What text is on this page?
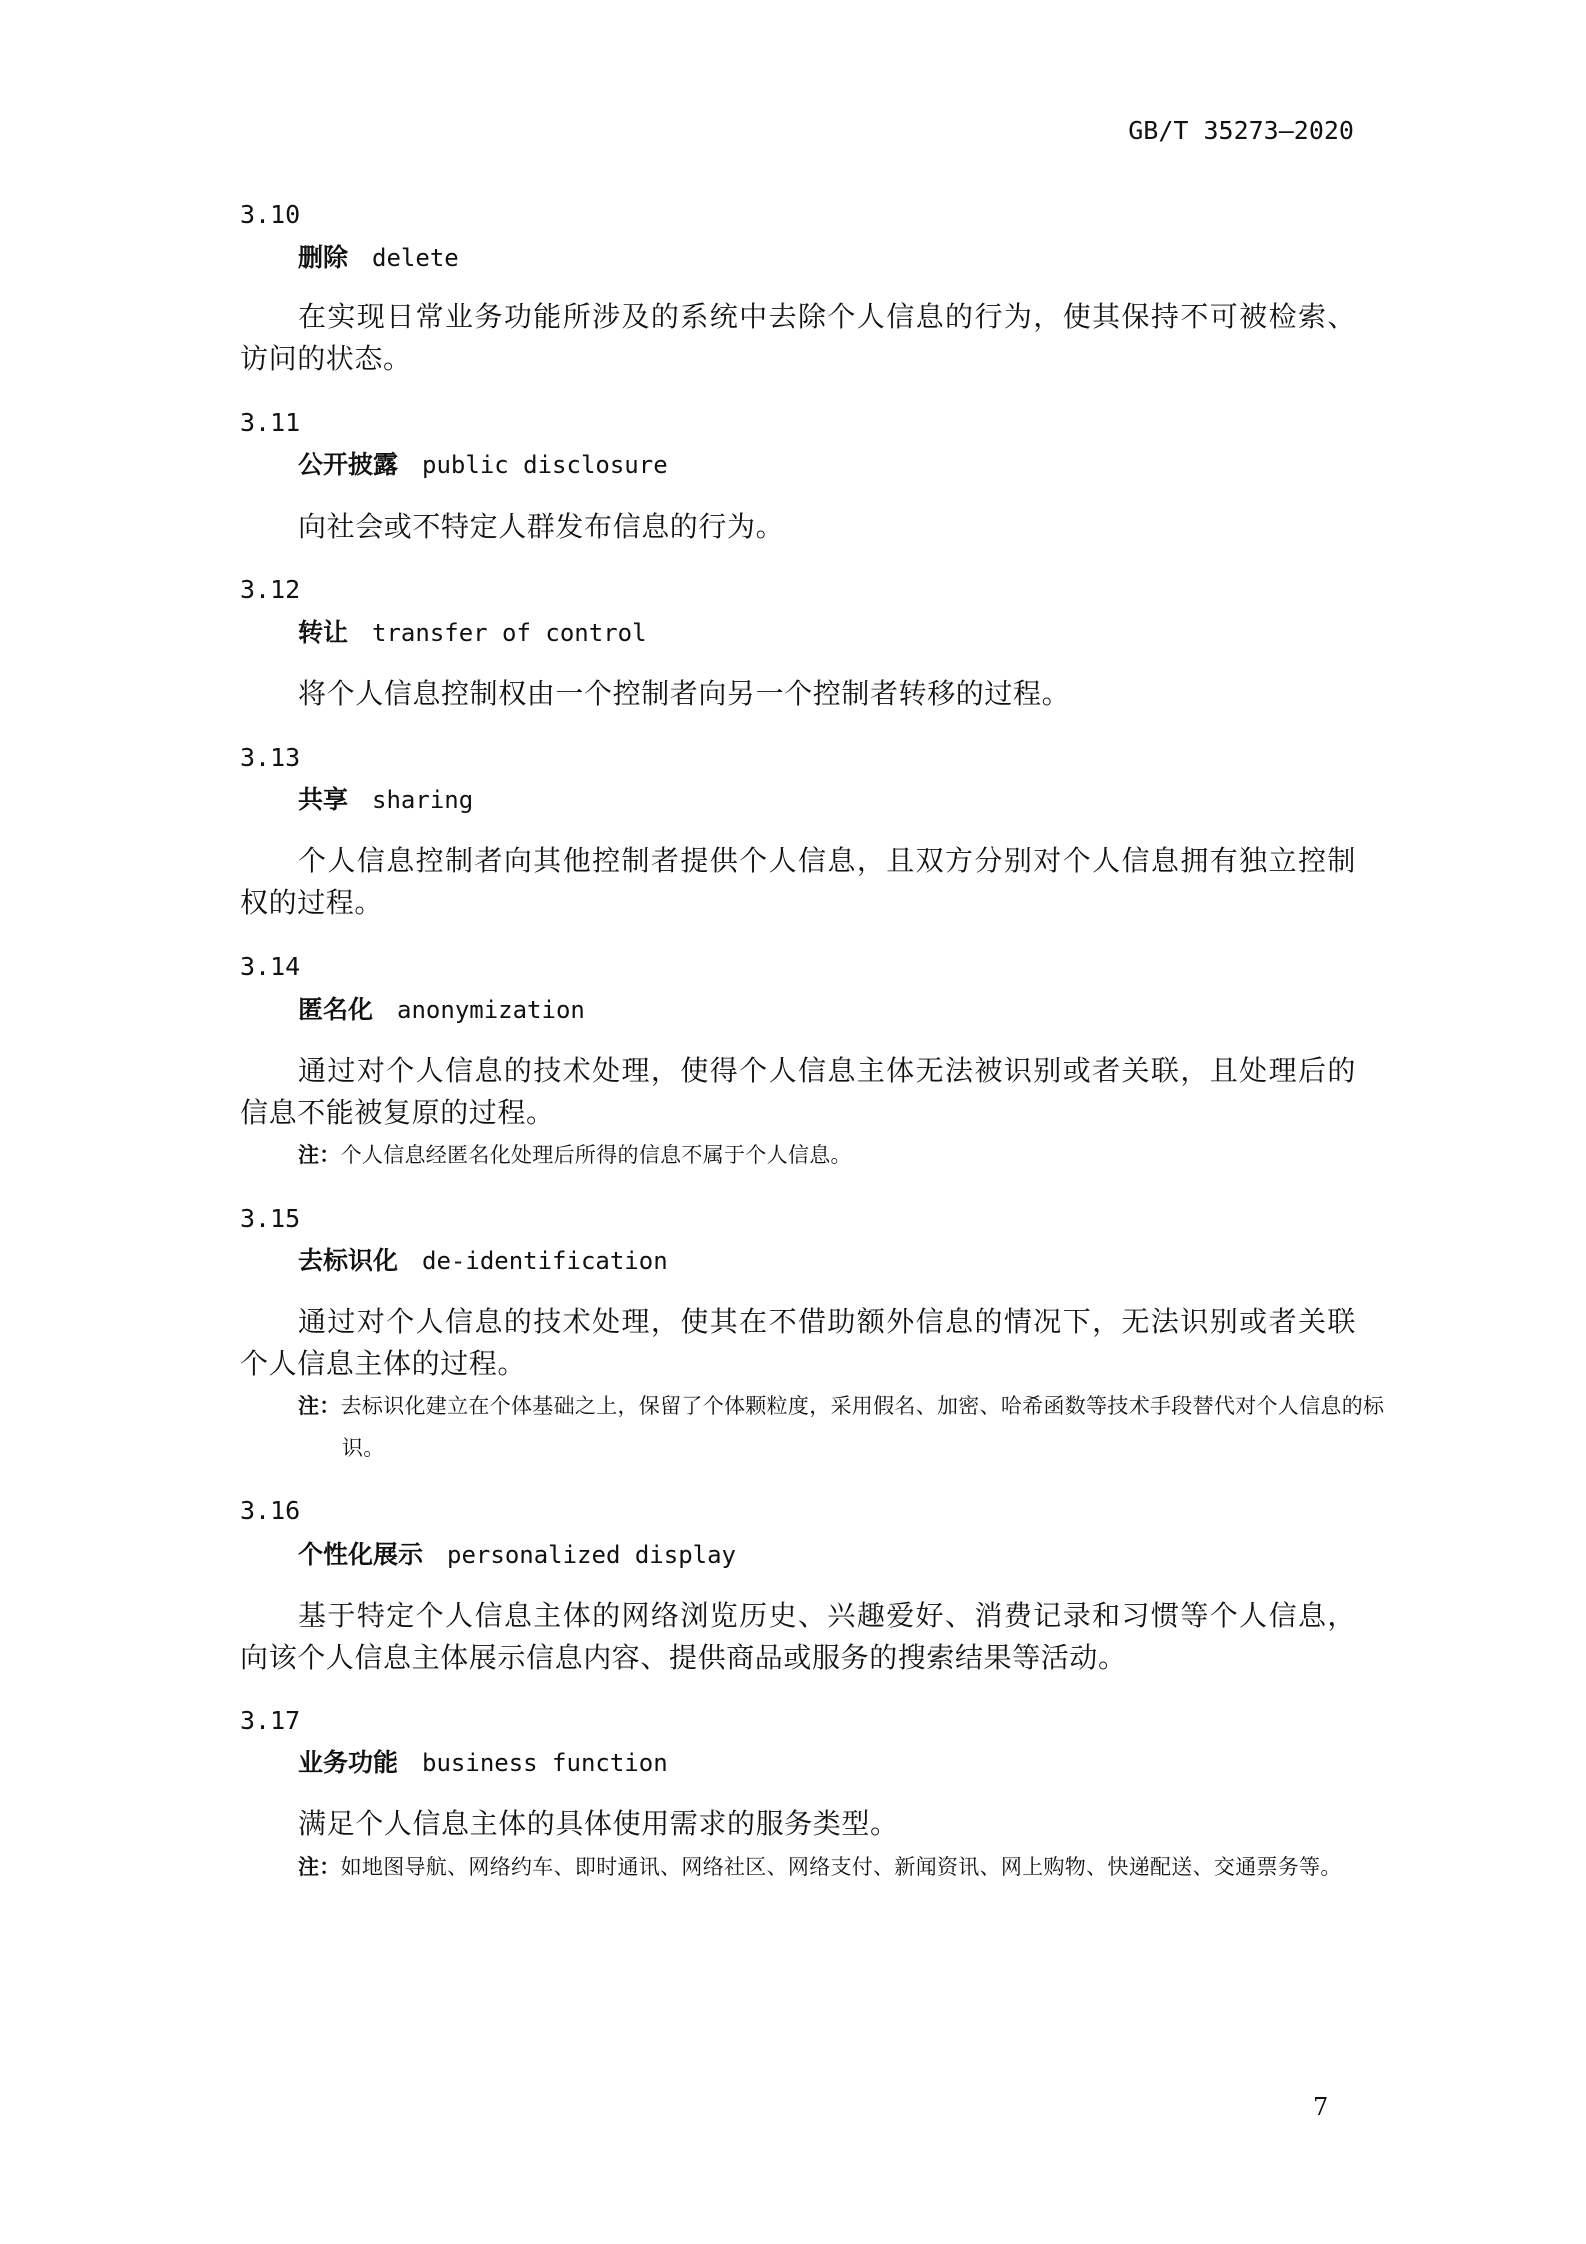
GB/T 35273—2020
3.10
删除 delete
在实现日常业务功能所涉及的系统中去除个人信息的行为，使其保持不可被检索、访问的状态。
3.11
公开披露 public disclosure
向社会或不特定人群发布信息的行为。
3.12
转让 transfer of control
将个人信息控制权由一个控制者向另一个控制者转移的过程。
3.13
共享 sharing
个人信息控制者向其他控制者提供个人信息，且双方分别对个人信息拥有独立控制权的过程。
3.14
匿名化 anonymization
通过对个人信息的技术处理，使得个人信息主体无法被识别或者关联，且处理后的信息不能被复原的过程。
注：个人信息经匿名化处理后所得的信息不属于个人信息。
3.15
去标识化 de-identification
通过对个人信息的技术处理，使其在不借助额外信息的情况下，无法识别或者关联个人信息主体的过程。
注：去标识化建立在个体基础之上，保留了个体颗粒度，采用假名、加密、哈希函数等技术手段替代对个人信息的标识。
3.16
个性化展示 personalized display
基于特定个人信息主体的网络浏览历史、兴趣爱好、消费记录和习惯等个人信息，向该个人信息主体展示信息内容、提供商品或服务的搜索结果等活动。
3.17
业务功能 business function
满足个人信息主体的具体使用需求的服务类型。
注：如地图导航、网络约车、即时通讯、网络社区、网络支付、新闻资讯、网上购物、快递配送、交通票务等。
7
